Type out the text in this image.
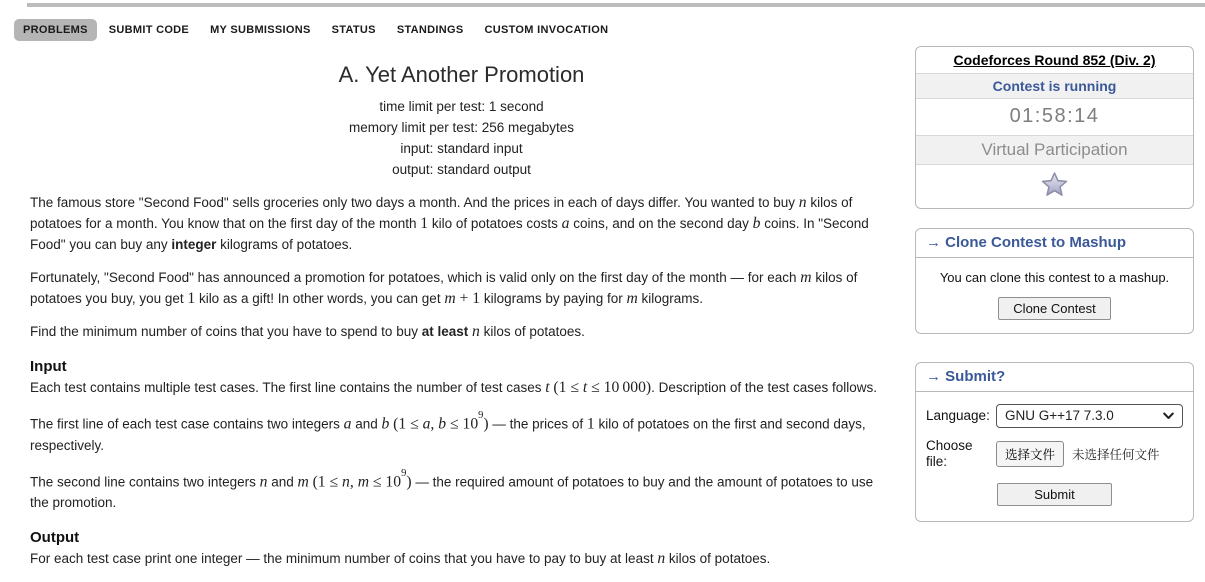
PROBLEMS	SUBMIT CODE	MY SUBMISSIONS	STATUS	STANDINGS	CUSTOM INVOCATION
A. Yet Another Promotion
time limit per test: 1 second
memory limit per test: 256 megabytes
input: standard input
output: standard output

The famous store "Second Food" sells groceries only two days a month. And the prices in each of days differ. You wanted to buy n kilos of potatoes for a month. You know that on the first day of the month 1 kilo of potatoes costs a coins, and on the second day b coins. In "Second Food" you can buy any integer kilograms of potatoes.

Fortunately, "Second Food" has announced a promotion for potatoes, which is valid only on the first day of the month — for each m kilos of potatoes you buy, you get 1 kilo as a gift! In other words, you can get m + 1 kilograms by paying for m kilograms.

Find the minimum number of coins that you have to spend to buy at least n kilos of potatoes.

Input

Each test contains multiple test cases. The first line contains the number of test cases t (1 ≤ t ≤ 10 000). Description of the test cases follows.

The first line of each test case contains two integers a and b (1 ≤ a, $b \le 10^9$) — the prices of 1 kilo of potatoes on the first and second days, respectively.

The second line contains two integers n and m (1 ≤ n, $m \le 10^9$) — the required amount of potatoes to buy and the amount of potatoes to use the promotion.

Output

For each test case print one integer — the minimum number of coins that you have to pay to buy at least n kilos of potatoes.

Codeforces Round 852 (Div. 2)
Contest is running
01:58:14
Virtual Participation
→ Clone Contest to Mashup
You can clone this contest to a mashup.
Clone Contest
→ Submit?
Language:	GNU G++17 7.3.0
Choose file:	选择文件	未选择任何文件
Submit
